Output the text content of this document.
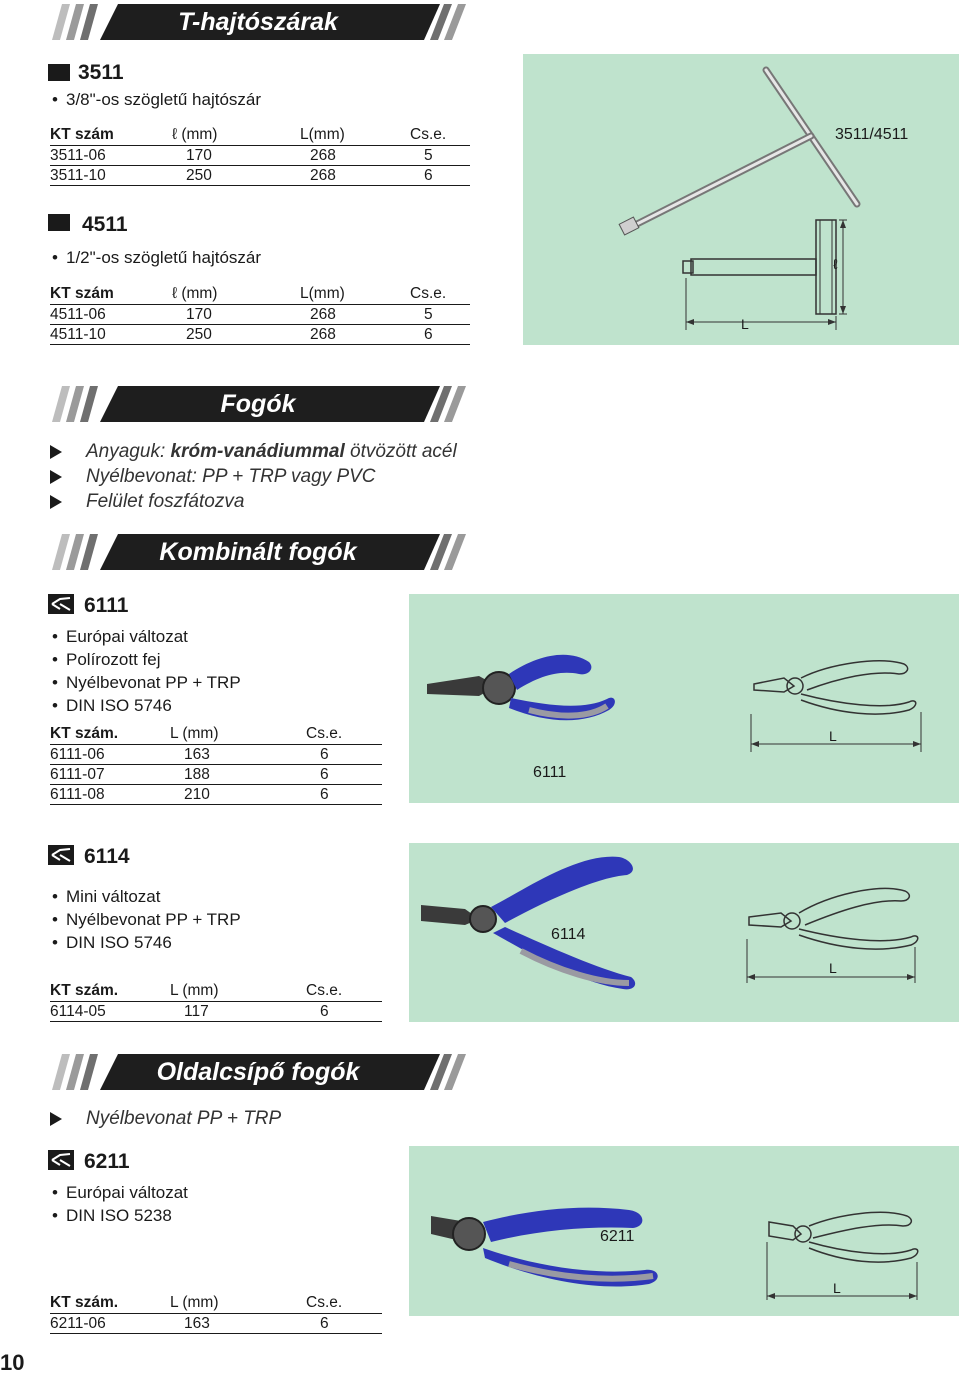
T-hajtószárak
3511
• 3/8"-os szögletű hajtószár
KT szám	ℓ (mm)	L(mm)	Cs.e.
3511-06	170	268	5
3511-10	250	268	6
4511
• 1/2"-os szögletű hajtószár
KT szám	ℓ (mm)	L(mm)	Cs.e.
4511-06	170	268	5
4511-10	250	268	6
3511/4511
L
ℓ
Fogók
Anyaguk: króm-vanádiummal ötvözött acél
Nyélbevonat: PP + TRP vagy PVC
Felület foszfátozva
Kombinált fogók
6111
• Európai változat
• Polírozott fej
• Nyélbevonat PP + TRP
• DIN ISO 5746
KT szám.	L (mm)	Cs.e.
6111-06	163	6
6111-07	188	6
6111-08	210	6
6111
L
6114
• Mini változat
• Nyélbevonat PP + TRP
• DIN ISO 5746
KT szám.	L (mm)	Cs.e.
6114-05	117	6
6114
L
Oldalcsípő fogók
Nyélbevonat PP + TRP
6211
• Európai változat
• DIN ISO 5238
KT szám.	L (mm)	Cs.e.
6211-06	163	6
6211
L
10
